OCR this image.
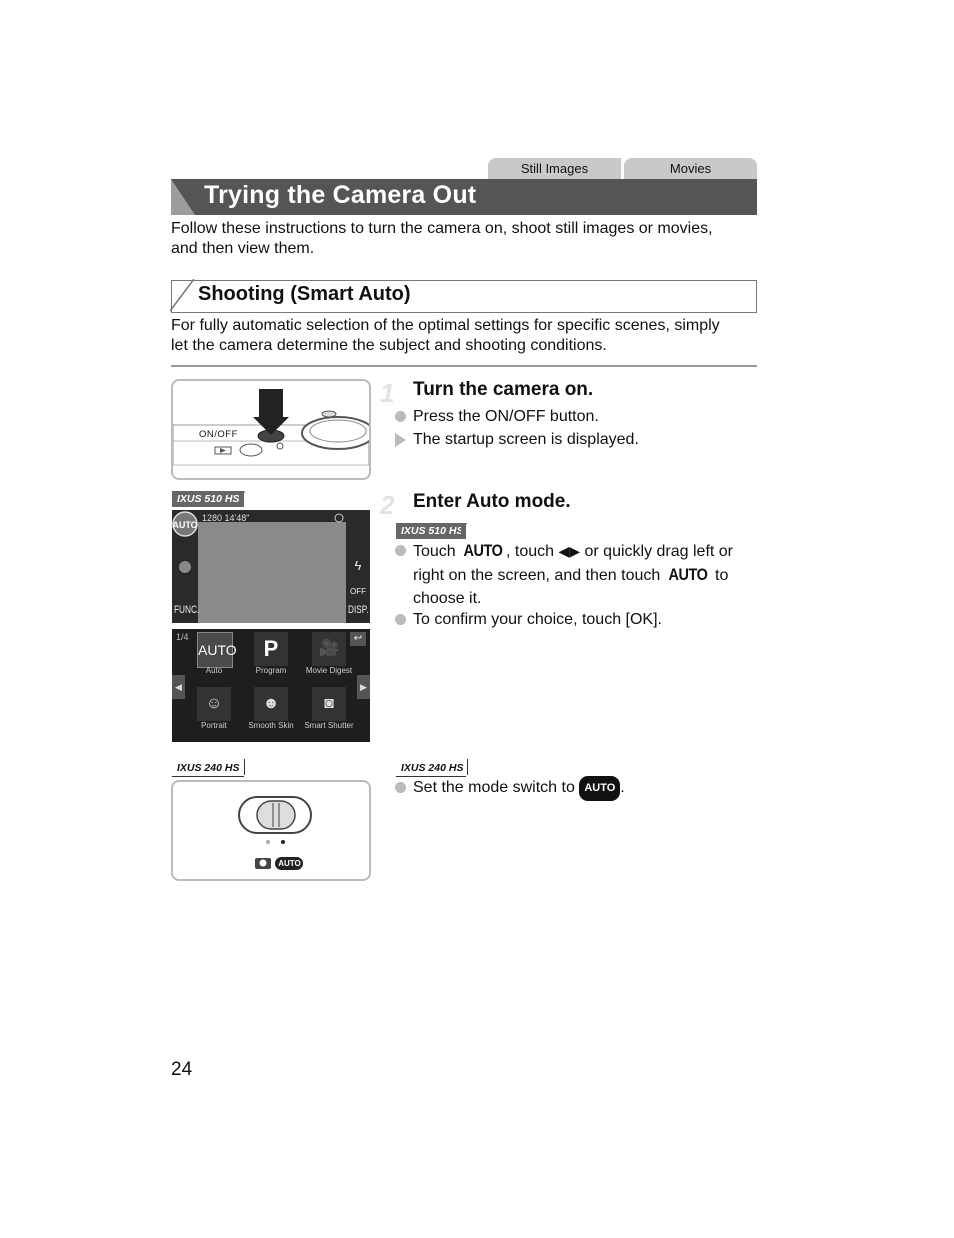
Still Images	Movies
Trying the Camera Out
Follow these instructions to turn the camera on, shoot still images or movies,
and then view them.
Shooting (Smart Auto)
For fully automatic selection of the optimal settings for specific scenes, simply
let the camera determine the subject and shooting conditions.
ON/OFF
1 Turn the camera on.
Press the ON/OFF button.
The startup screen is displayed.
IXUS 510 HS
AUTO
ϟ
OFF
1280 14'48"
FUNC.	DISP.
1/4	↩
◀	▶
AUTO	P	🎥
☺	☻	◙
Auto	Program	Movie Digest
Portrait	Smooth Skin	Smart Shutter
2 Enter Auto mode.
IXUS 510 HS
Touch AUTO , touch ◀▶ or quickly drag left or
right on the screen, and then touch AUTO to
choose it.
To confirm your choice, touch [OK].
IXUS 240 HS
AUTO
IXUS 240 HS
Set the mode switch to AUTO .
24
